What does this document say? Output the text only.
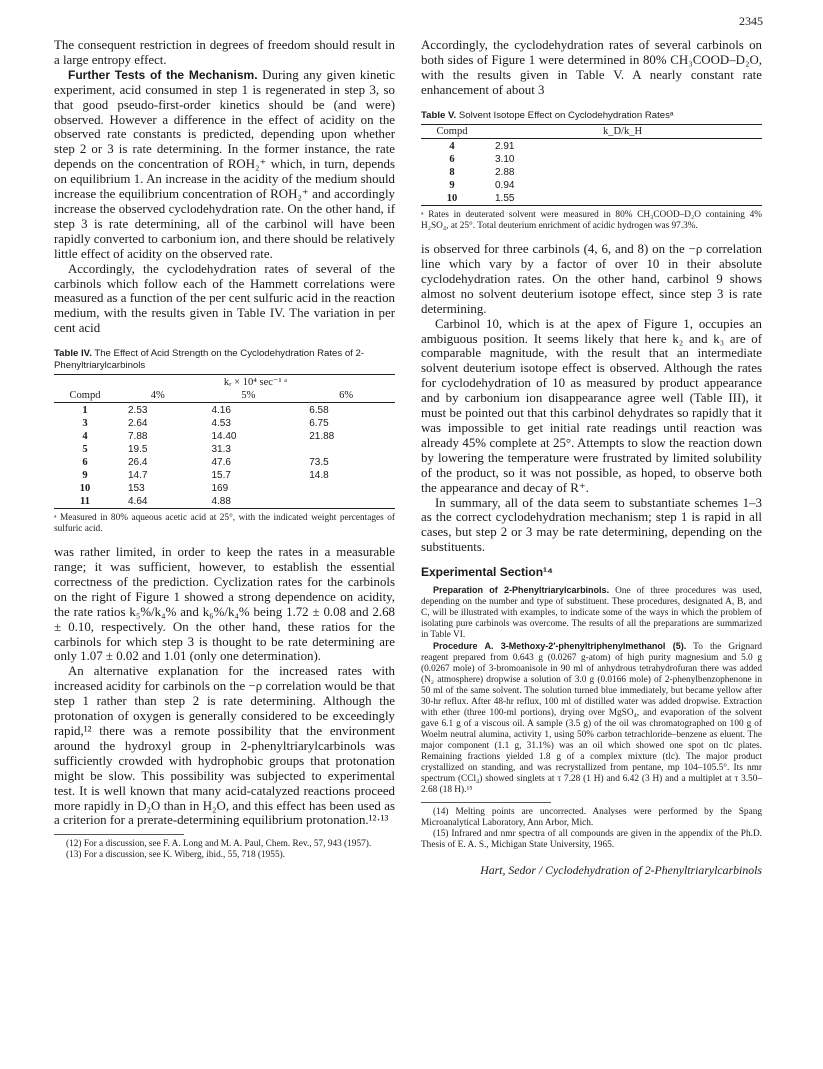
2345

The consequent restriction in degrees of freedom should result in a large entropy effect.

Further Tests of the Mechanism. During any given kinetic experiment, acid consumed in step 1 is regenerated in step 3, so that good pseudo-first-order kinetics should be (and were) observed. However a difference in the effect of acidity on the observed rate constants is predicted, depending upon whether step 2 or 3 is rate determining. In the former instance, the rate depends on the concentration of ROH₂⁺ which, in turn, depends on equilibrium 1. An increase in the acidity of the medium should increase the equilibrium concentration of ROH₂⁺ and accordingly increase the observed cyclodehydration rate. On the other hand, if step 3 is rate determining, all of the carbinol will have been rapidly converted to carbonium ion, and there should be relatively little effect of acidity on the observed rate.

Accordingly, the cyclodehydration rates of several of the carbinols which follow each of the Hammett correlations were measured as a function of the per cent sulfuric acid in the reaction medium, with the results given in Table IV. The variation in per cent acid

Table IV. The Effect of Acid Strength on the Cyclodehydration Rates of 2-Phenyltriarylcarbinols
	kᵣ × 10⁴ sec⁻¹ ᵃ		
Compd	4%	5%	6%
1	2.53	4.16	6.58
3	2.64	4.53	6.75
4	7.88	14.40	21.88
5	19.5	31.3	
6	26.4	47.6	73.5
9	14.7	15.7	14.8
10	153	169	
11	4.64	4.88	

ᵃ Measured in 80% aqueous acetic acid at 25°, with the indicated weight percentages of sulfuric acid.

was rather limited, in order to keep the rates in a measurable range; it was sufficient, however, to establish the essential correctness of the prediction. Cyclization rates for the carbinols on the right of Figure 1 showed a strong dependence on acidity, the rate ratios k₅%/k₄% and k₆%/k₄% being 1.72 ± 0.08 and 2.68 ± 0.10, respectively. On the other hand, these ratios for the carbinols for which step 3 is thought to be rate determining are only 1.07 ± 0.02 and 1.01 (only one determination).

An alternative explanation for the increased rates with increased acidity for carbinols on the −ρ correlation would be that step 1 rather than step 2 is rate determining. Although the protonation of oxygen is generally considered to be exceedingly rapid,¹² there was a remote possibility that the environment around the hydroxyl group in 2-phenyltriarylcarbinols was sufficiently crowded with hydrophobic groups that protonation might be slow. This possibility was subjected to experimental test. It is well known that many acid-catalyzed reactions proceed more rapidly in D₂O than in H₂O, and this effect has been used as a criterion for a prerate-determining equilibrium protonation.¹²·¹³

(12) For a discussion, see F. A. Long and M. A. Paul, Chem. Rev., 57, 943 (1957).

(13) For a discussion, see K. Wiberg, ibid., 55, 718 (1955).

Accordingly, the cyclodehydration rates of several carbinols on both sides of Figure 1 were determined in 80% CH₃COOD–D₂O, with the results given in Table V. A nearly constant rate enhancement of about 3

Table V. Solvent Isotope Effect on Cyclodehydration Ratesᵃ
Compd	k_D/k_H
4	2.91
6	3.10
8	2.88
9	0.94
10	1.55

ᵃ Rates in deuterated solvent were measured in 80% CH₃COOD–D₂O containing 4% H₂SO₄, at 25°. Total deuterium enrichment of acidic hydrogen was 97.3%.

is observed for three carbinols (4, 6, and 8) on the −ρ correlation line which vary by a factor of over 10 in their absolute cyclodehydration rates. On the other hand, carbinol 9 shows almost no solvent deuterium isotope effect, since step 3 is rate determining.

Carbinol 10, which is at the apex of Figure 1, occupies an ambiguous position. It seems likely that here k₂ and k₃ are of comparable magnitude, with the result that an intermediate solvent deuterium isotope effect is observed. Although the rates for cyclodehydration of 10 as measured by product appearance and by carbonium ion disappearance agree well (Table III), it must be pointed out that this carbinol dehydrates so rapidly that it was impossible to get initial rate readings until reaction was already 45% complete at 25°. Attempts to slow the reaction down by lowering the temperature were frustrated by limited solubility of the product, so it was not possible, as hoped, to observe both the appearance and decay of R⁺.

In summary, all of the data seem to substantiate schemes 1–3 as the correct cyclodehydration mechanism; step 1 is rapid in all cases, but step 2 or 3 may be rate determining, depending on the substituents.

Experimental Section¹⁴

Preparation of 2-Phenyltriarylcarbinols. One of three procedures was used, depending on the number and type of substituent. These procedures, designated A, B, and C, will be illustrated with examples, to indicate some of the ways in which the problem of isolating pure carbinols was overcome. The results of all the preparations are summarized in Table VI.

Procedure A. 3-Methoxy-2′-phenyltriphenylmethanol (5). To the Grignard reagent prepared from 0.643 g (0.0267 g-atom) of high purity magnesium and 5.0 g (0.0267 mole) of 3-bromoanisole in 90 ml of anhydrous tetrahydrofuran there was added (N₂ atmosphere) dropwise a solution of 3.0 g (0.0166 mole) of 2-phenylbenzophenone in 50 ml of the same solvent. The solution turned blue immediately, but became yellow after 30-hr reflux. After 48-hr reflux, 100 ml of distilled water was added dropwise. Extraction with ether (three 100-ml portions), drying over MgSO₄, and evaporation of the solvent gave 6.1 g of a viscous oil. A sample (3.5 g) of the oil was chromatographed on 100 g of Woelm neutral alumina, activity 1, using 50% carbon tetrachloride–benzene as eluent. The major component (1.1 g, 31.1%) was an oil which showed one spot on tlc plates. Remaining fractions yielded 1.8 g of a complex mixture (tlc). The major product crystallized on standing, and was recrystallized from pentane, mp 104–105.5°. Its nmr spectrum (CCl₄) showed singlets at τ 7.28 (1 H) and 6.42 (3 H) and a multiplet at τ 3.50–2.68 (18 H).¹⁵

(14) Melting points are uncorrected. Analyses were performed by the Spang Microanalytical Laboratory, Ann Arbor, Mich.

(15) Infrared and nmr spectra of all compounds are given in the appendix of the Ph.D. Thesis of E. A. S., Michigan State University, 1965.

Hart, Sedor / Cyclodehydration of 2-Phenyltriarylcarbinols
